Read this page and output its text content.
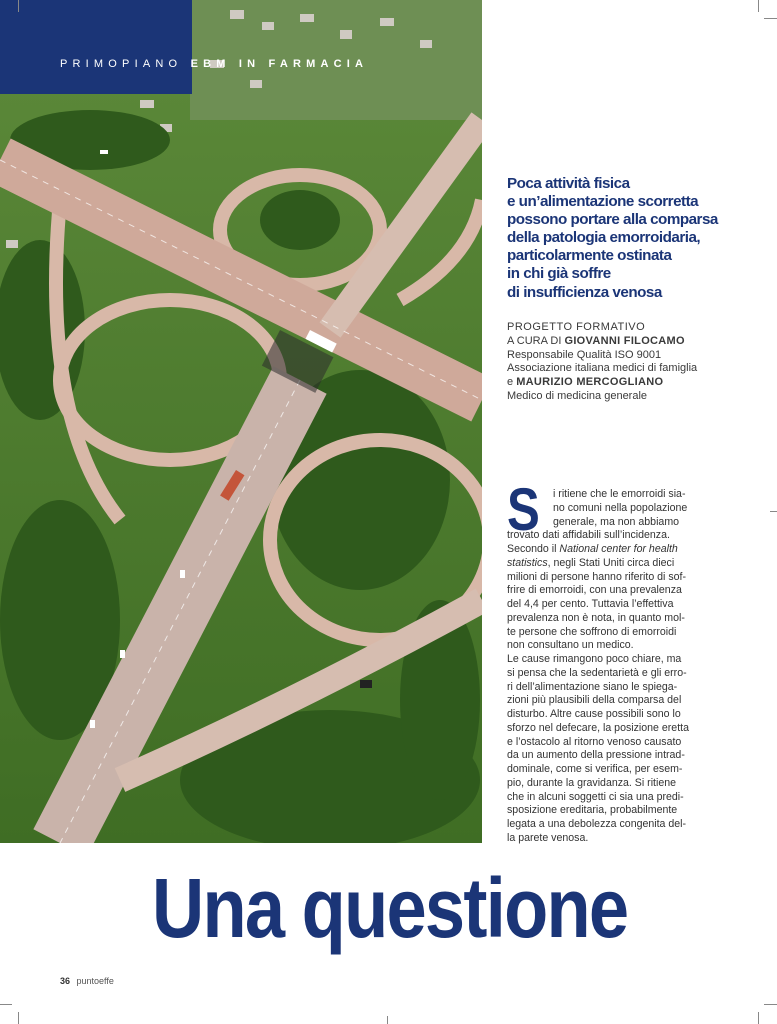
PRIMOPIANO EBM IN FARMACIA
Poca attività fisica
e un’alimentazione scorretta
possono portare alla comparsa
della patologia emorroidaria,
particolarmente ostinata
in chi già soffre
di insufficienza venosa
PROGETTO FORMATIVO
A CURA DI GIOVANNI FILOCAMO
Responsabile Qualità ISO 9001
Associazione italiana medici di famiglia
e MAURIZIO MERCOGLIANO
Medico di medicina generale
S	i ritiene che le emorroidi sia-
no comuni nella popolazione
generale, ma non abbiamo
trovato dati affidabili sull’incidenza.
Secondo il National center for health
statistics, negli Stati Uniti circa dieci
milioni di persone hanno riferito di sof-
frire di emorroidi, con una prevalenza
del 4,4 per cento. Tuttavia l’effettiva
prevalenza non è nota, in quanto mol-
te persone che soffrono di emorroidi
non consultano un medico.
Le cause rimangono poco chiare, ma
si pensa che la sedentarietà e gli erro-
ri dell’alimentazione siano le spiega-
zioni più plausibili della comparsa del
disturbo. Altre cause possibili sono lo
sforzo nel defecare, la posizione eretta
e l’ostacolo al ritorno venoso causato
da un aumento della pressione intrad-
dominale, come si verifica, per esem-
pio, durante la gravidanza. Si ritiene
che in alcuni soggetti ci sia una predi-
sposizione ereditaria, probabilmente
legata a una debolezza congenita del-
la parete venosa.
Una questione
36 puntoeffe
